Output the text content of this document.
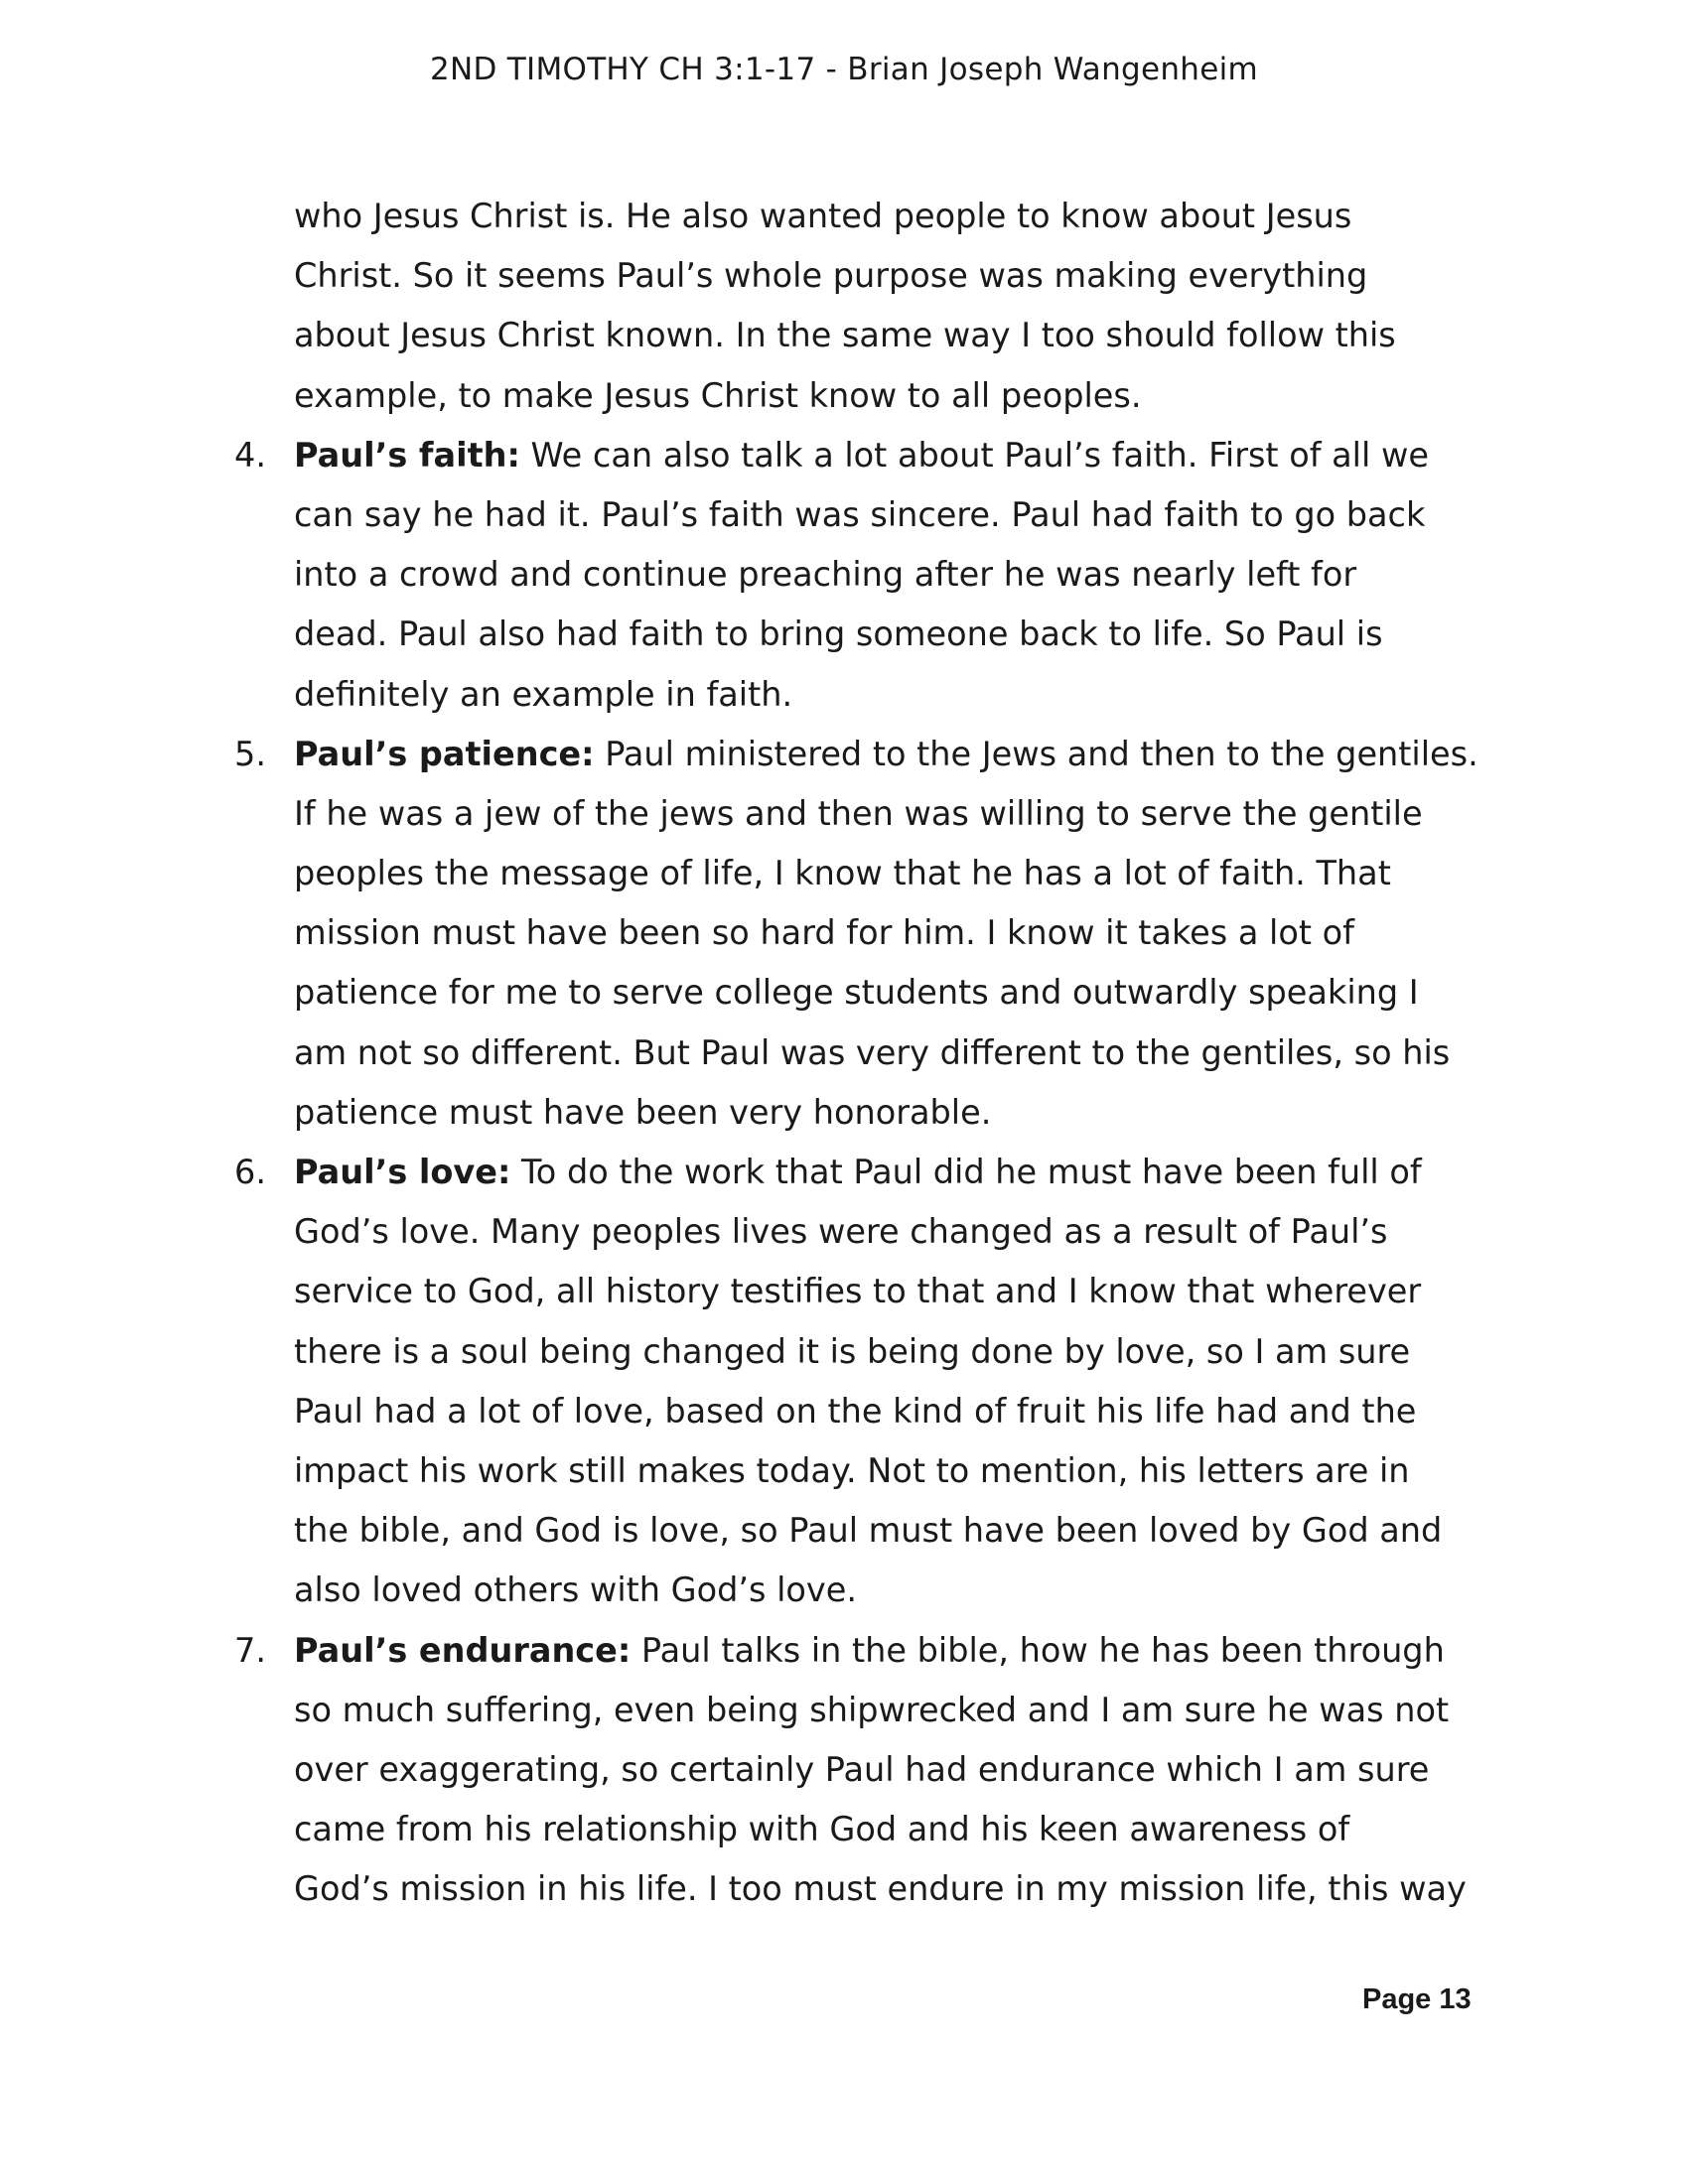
2ND TIMOTHY CH 3:1-17 - Brian Joseph Wangenheim
who Jesus Christ is. He also wanted people to know about Jesus
Christ. So it seems Paul’s whole purpose was making everything
about Jesus Christ known. In the same way I too should follow this
example, to make Jesus Christ know to all peoples.
4. Paul’s faith: We can also talk a lot about Paul’s faith. First of all we
can say he had it. Paul’s faith was sincere. Paul had faith to go back
into a crowd and continue preaching after he was nearly left for
dead. Paul also had faith to bring someone back to life. So Paul is
definitely an example in faith.
5. Paul’s patience: Paul ministered to the Jews and then to the gentiles.
If he was a jew of the jews and then was willing to serve the gentile
peoples the message of life, I know that he has a lot of faith. That
mission must have been so hard for him. I know it takes a lot of
patience for me to serve college students and outwardly speaking I
am not so different. But Paul was very different to the gentiles, so his
patience must have been very honorable.
6. Paul’s love: To do the work that Paul did he must have been full of
God’s love. Many peoples lives were changed as a result of Paul’s
service to God, all history testifies to that and I know that wherever
there is a soul being changed it is being done by love, so I am sure
Paul had a lot of love, based on the kind of fruit his life had and the
impact his work still makes today. Not to mention, his letters are in
the bible, and God is love, so Paul must have been loved by God and
also loved others with God’s love.
7. Paul’s endurance: Paul talks in the bible, how he has been through
so much suffering, even being shipwrecked and I am sure he was not
over exaggerating, so certainly Paul had endurance which I am sure
came from his relationship with God and his keen awareness of
God’s mission in his life. I too must endure in my mission life, this way
Page 13
